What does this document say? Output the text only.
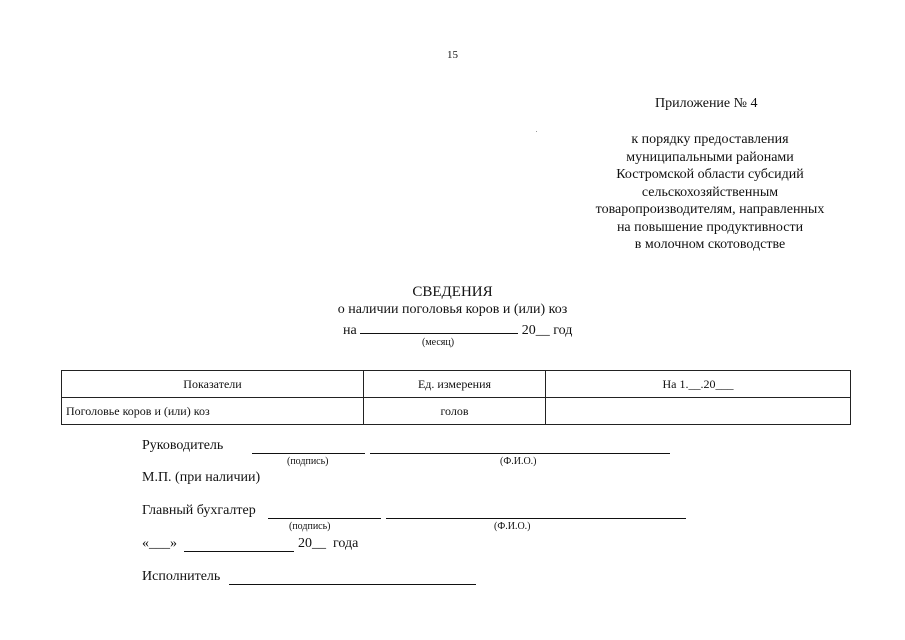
15
Приложение № 4
к порядку предоставления
муниципальными районами
Костромской области субсидий
сельскохозяйственным
товаропроизводителям, направленных
на повышение продуктивности
в молочном скотоводстве
СВЕДЕНИЯ
о наличии поголовья коров и (или) коз
на	20__ год
(месяц)
Показатели	Ед. измерения	На 1.__.20___
Поголовье коров и (или) коз	голов	
Руководитель
(подпись)	(Ф.И.О.)
М.П. (при наличии)
Главный бухгалтер
(подпись)	(Ф.И.О.)
«___»	20__ года
Исполнитель
